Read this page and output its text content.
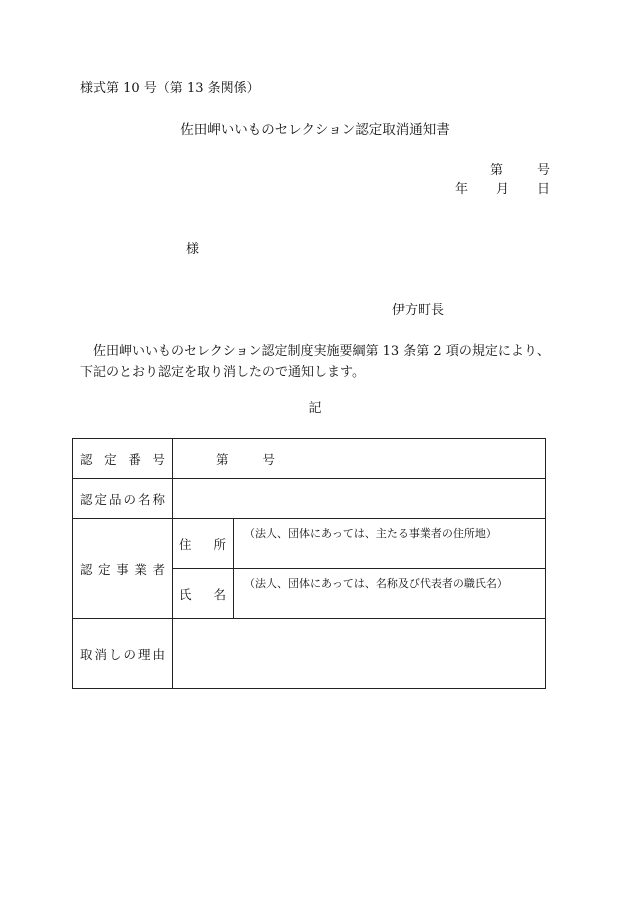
様式第 10 号（第 13 条関係）
佐田岬いいものセレクション認定取消通知書
第	号
年 月 日
様
伊方町長
佐田岬いいものセレクション認定制度実施要綱第 13 条第 2 項の規定により、下記のとおり認定を取り消したので通知します。
記
認定番号	第 号	

認定品の名称		
認定事業者	住所	（法人、団体にあっては、主たる事業者の住所地）

	氏名	（法人、団体にあっては、名称及び代表者の職氏名）

取消しの理由		
